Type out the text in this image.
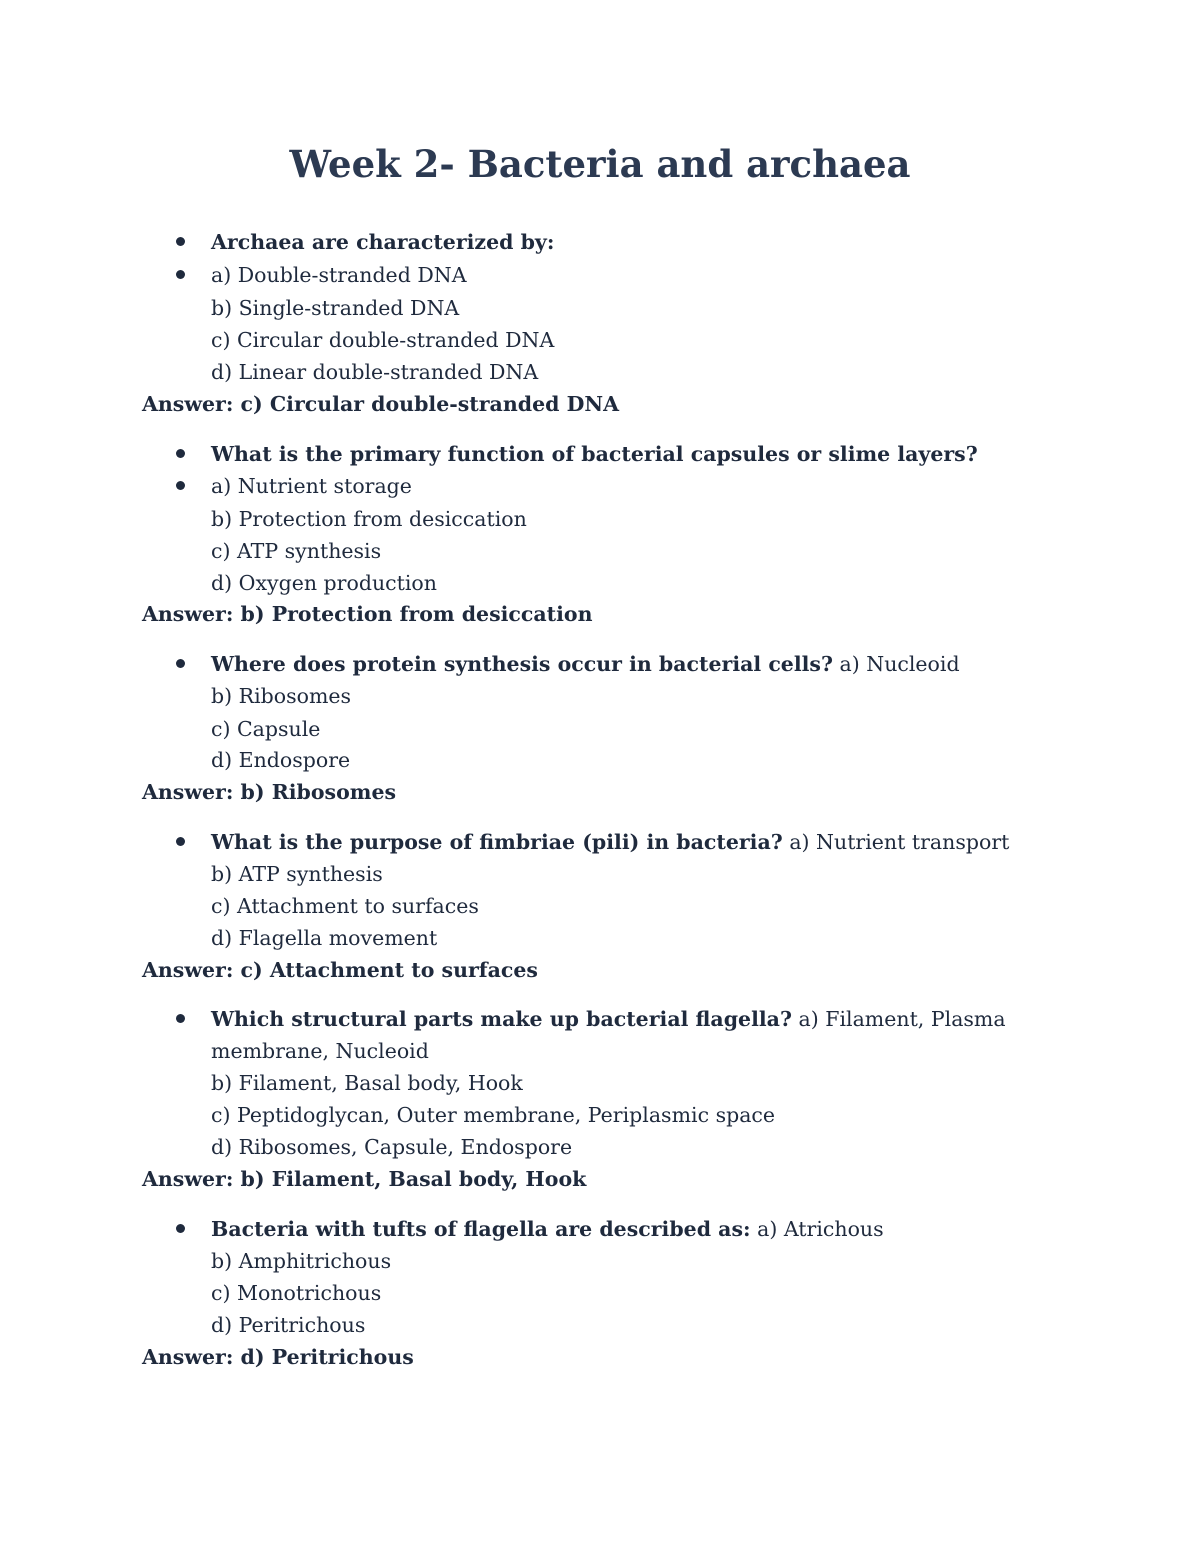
Week 2- Bacteria and archaea
Archaea are characterized by:
a) Double-stranded DNA
b) Single-stranded DNA
c) Circular double-stranded DNA
d) Linear double-stranded DNA
Answer: c) Circular double-stranded DNA
What is the primary function of bacterial capsules or slime layers?
a) Nutrient storage
b) Protection from desiccation
c) ATP synthesis
d) Oxygen production
Answer: b) Protection from desiccation
Where does protein synthesis occur in bacterial cells? a) Nucleoid
b) Ribosomes
c) Capsule
d) Endospore
Answer: b) Ribosomes
What is the purpose of fimbriae (pili) in bacteria? a) Nutrient transport
b) ATP synthesis
c) Attachment to surfaces
d) Flagella movement
Answer: c) Attachment to surfaces
Which structural parts make up bacterial flagella? a) Filament, Plasma
membrane, Nucleoid
b) Filament, Basal body, Hook
c) Peptidoglycan, Outer membrane, Periplasmic space
d) Ribosomes, Capsule, Endospore
Answer: b) Filament, Basal body, Hook
Bacteria with tufts of flagella are described as: a) Atrichous
b) Amphitrichous
c) Monotrichous
d) Peritrichous
Answer: d) Peritrichous
